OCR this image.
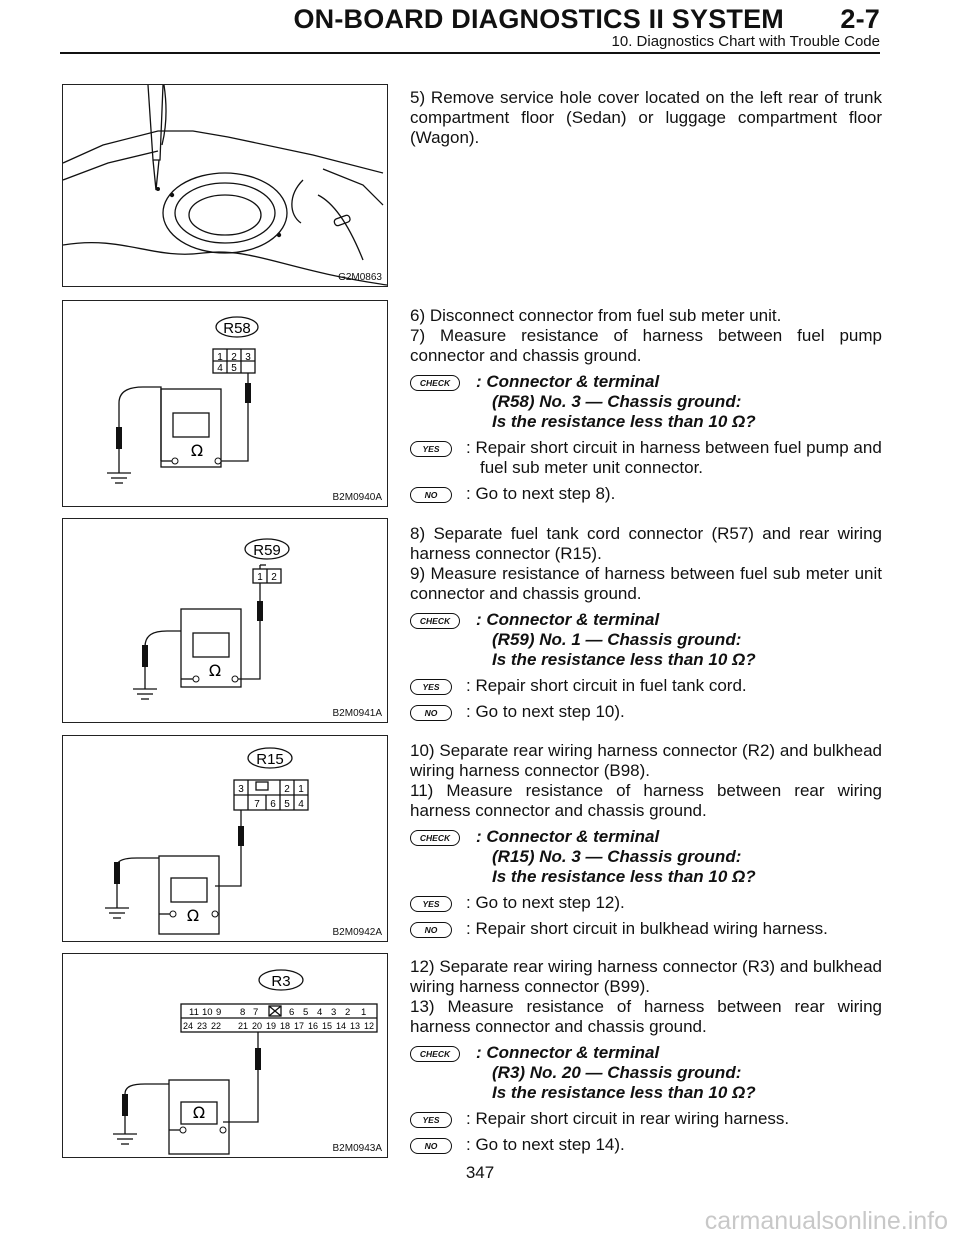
2-7
ON-BOARD DIAGNOSTICS II SYSTEM
10. Diagnostics Chart with Trouble Code
G2M0863
R58
1 2 3
4 5
Ω
B2M0940A
R59
1 2
Ω
B2M0941A
R15
3	2 1
7 6 5 4
Ω
B2M0942A
R3
11 10 9 8 7	6 5 4 3 2 1
24 23 22 21 20 19 18 17 16 15 14 13 12
Ω
B2M0943A

5) Remove service hole cover located on the left rear of trunk compartment floor (Sedan) or luggage compartment floor (Wagon).

6) Disconnect connector from fuel sub meter unit.

7) Measure resistance of harness between fuel pump connector and chassis ground.

CHECK	: Connector & terminal
(R58) No. 3 — Chassis ground:
Is the resistance less than 10 Ω?
YES	: Repair short circuit in harness between fuel pump and fuel sub meter unit connector.
NO	: Go to next step 8).

8) Separate fuel tank cord connector (R57) and rear wiring harness connector (R15).

9) Measure resistance of harness between fuel sub meter unit connector and chassis ground.

CHECK	: Connector & terminal
(R59) No. 1 — Chassis ground:
Is the resistance less than 10 Ω?
YES	: Repair short circuit in fuel tank cord.
NO	: Go to next step 10).

10) Separate rear wiring harness connector (R2) and bulkhead wiring harness connector (B98).

11) Measure resistance of harness between rear wiring harness connector and chassis ground.

CHECK	: Connector & terminal
(R15) No. 3 — Chassis ground:
Is the resistance less than 10 Ω?
YES	: Go to next step 12).
NO	: Repair short circuit in bulkhead wiring harness.

12) Separate rear wiring harness connector (R3) and bulkhead wiring harness connector (B99).

13) Measure resistance of harness between rear wiring harness connector and chassis ground.

CHECK	: Connector & terminal
(R3) No. 20 — Chassis ground:
Is the resistance less than 10 Ω?
YES	: Repair short circuit in rear wiring harness.
NO	: Go to next step 14).
347
carmanualsonline.info
